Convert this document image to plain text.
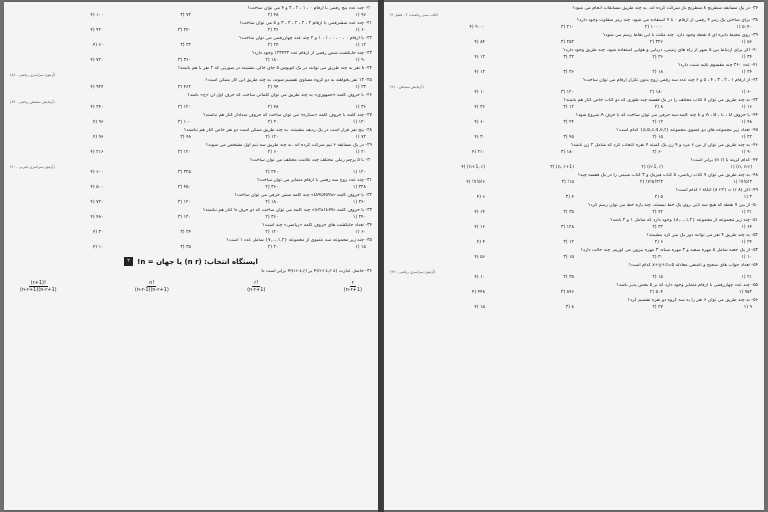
۲۰- چند عدد پنج رقمی با ارقام ۰ ، ۱ ، ۲ ، ۳ و ۴ می توان ساخت؟
۹۶ (۱
۴۸ (۲
۷۲ (۳
۱۰۰ (۴
۲۱- چند عدد ششرقمی با ارقام ۲ ، ۲ ، ۲ ، ۳ ، ۳ و ۵ می توان ساخت؟
۶۰ (۱
۳۶ (۲
۲۴۰ (۳
۴۲۰ (۴
۲۲- با ارقام ۰ ، ۰ ، ۰ ، ۱ ، ۱ و ۲ چند عدد چهاررقمی می توان ساخت؟
۱۲ (۱
۲۴ (۲
۳۲ (۳
۶۰ (۴
۲۳- چند جایگشت شش رقمی از ارقام عدد ۱۲۳۴۳۲ وجود دارد؟
۹۰ (۱
۱۸۰ (۲
۳۶۰ (۳
۷۲۰ (۴
۲۴- ۸ نفر به چند طریق می توانند در یک اتوبوس ۵ جای خالی بنشینند در صورتی که ۲ نفر با هم باشند؟
(آزمون سراسری ریاضی - ۸۸)
۲۵- ۱۲ نفر بخواهند به دو گروه مساوی تقسیم شوند، به چند طریق این کار ممکن است؟
۲۳ (۱
۹۴ (۲
۴۶۲ (۳
۹۲۴ (۴
۲۶- با حروف کلمه «جمهوری» به چند طریق می توان کلماتی ساخت که حرف اول آن «ج» باشد؟
(آزمایش سنجش ریاضی - ۸۹)
۳۶ (۱
۴۸ (۲
۱۲۰ (۳
۲۴۰ (۴
۲۷- چند کلمه با حروف کلمه «ستاره» می توان ساخت که حروف صدادار کنار هم نباشند؟
۱۲۰ (۱
۲۰ (۲
۱۰۰ (۳
۹۶ (۴
۲۸- پنج نفر قرار است در یک ردیف بنشینند. به چند طریق ممکن است دو نفر خاص کنار هم نباشند؟
۷۲ (۱
۱۲۰ (۲
۴۸ (۳
۹۶ (۴
۲۹- در یک مسابقه ۶ تیم شرکت کرده اند. به چند طریق سه تیم اول مشخص می شوند؟
۲۰ (۱
۶۰ (۲
۱۲۰ (۳
۲۱۶ (۴
۳۰- با ۵ پرچم رنگی مختلف چند علامت مختلف می توان ساخت؟
(آزمون سراسری تجربی - ۹۰)
۱۲۰ (۱
۲۴۰ (۲
۳۲۵ (۳
۶۰۰ (۴
۳۱- چند عدد زوج سه رقمی با ارقام متمایز می توان ساخت؟
۳۲۸ (۱
۳۶۰ (۲
۴۵۰ (۳
۵۰۰ (۴
۳۲- با حروف کلمه «DADRAS» چند کلمه شش حرفی می توان ساخت؟
۳۶۰ (۱
۱۸۰ (۲
۱۲۰ (۳
۷۲۰ (۴
۳۳- با حروف کلمه «SYSTEM» چند کلمه می توان ساخت که دو حرف S کنار هم نباشند؟
۲۴۰ (۱
۳۶۰ (۲
۱۲۰ (۳
۴۸۰ (۴
۳۴- تعداد جایگشت های حروف کلمه «ریاضی» چند است؟
۶۰ (۱
۱۲۰ (۲
۲۴ (۳
۳۰ (۴
۳۵- چند زیر مجموعه سه عضوی از مجموعه {۱,۲,...,۷} شامل عدد ۱ است؟
۱۵ (۱
۲۰ (۲
۳۵ (۳
۱۰ (۴
ایستگاه انتخاب: (n r) یا جهان = n!
۲
۳۶- حاصل عبارت (P(n+1,r-1 بر (P(n+1,r برابر است با:
$\frac{(r+1)!}{(n-r+1)(n-r+1)}$	$\frac{n!}{(n-r-1)(n-r+1)}$	$\frac{r!}{(n-r+1)}$	$\frac{r}{(n-r+1)}$
۳۷- در یک مسابقه شطرنج ۸ شطرنج باز شرکت کرده اند. به چند طریق مسابقات انجام می شود؟
(کتاب سبز ریاضیات ۲ - فصل ۲)
۳۸- برای ساختن یک رمز ۴ رقمی از ارقام ۰ تا ۹ استفاده می شود. چند رمز متفاوت وجود دارد؟
۵۰۴۰ (۱
۱۰۰۰۰ (۲
۲۱۰ (۳
۹۰۰۰ (۴
۳۹- روی محیط دایره ای ۸ نقطه وجود دارد. چند مثلث با این نقاط رسم می شود؟
۵۶ (۱
۳۲۶ (۲
۲۵۲ (۳
۸۴ (۴
۴۰- اگر برای ارتباط بین ۵ شهر از راه های زمینی، دریایی و هوایی استفاده شود، چند طریق وجود دارد؟
۳۴ (۱
۳۶ (۲
۳۲ (۳
۱۲ (۴
۴۱- عدد ۳۶۰ چند مقسوم علیه مثبت دارد؟
۲۴ (۱
۱۸ (۲
۳۶ (۳
۱۲ (۴
۴۲- از ارقام ۱ ، ۲ ، ۳ ، ۴ ، ۵ و ۶ چند عدد سه رقمی زوج بدون تکرار ارقام می توان ساخت؟
(آزمایش سنجش - ۹۱)
۶۰ (۱
۱۸۰ (۲
۱۲۰ (۳
۱۰ (۴
۴۳- به چند طریق می توان ۸ کتاب مختلف را در یک قفسه چید طوری که دو کتاب خاص کنار هم باشند؟
۱۶ (۱
۸ (۲
۱۲ (۳
۳۶ (۴
۴۴- با حروف A ، B ، C ، D و E چند کلمه سه حرفی می توان ساخت که با حرف A شروع شود؟
۴۸ (۱
۱۲ (۲
۲۴ (۳
۶۰ (۴
۴۵- تعداد زیر مجموعه های دو عضوی مجموعه {a,b,c,d,e,f} کدام است؟
۲۲ (۱
۱۵ (۲
۴۵ (۳
۳۰ (۴
۴۶- به چند طریق می توان از بین ۶ مرد و ۴ زن یک کمیته ۴ نفره انتخاب کرد که شامل ۲ زن باشد؟
۹۰ (۱
۶۰ (۲
۱۸۰ (۳
۲۱۰ (۴
۴۷- کدام گزینه با (n r) برابر است؟
(n, n-r) (۱
(n-1, r) (۲
(n, r+1) (۳
(n+1, r) (۴
۴۸- به چند طریق می توان ۷ کتاب ریاضی، ۵ کتاب فیزیک و ۳ کتاب شیمی را در یک قفسه چید؟
۳!۵!۷! (۱
۳!۳!۵!۷! (۲
۱۵! (۳
۶!۵!۷! (۴
۴۹- اگر (۸ r) = (۸ r-۲) آنگاه r کدام است؟
۳ (۱
۵ (۲
۴ (۳
۶ (۴
۵۰- از بین ۷ نقطه که هیچ سه تایی روی یک خط نیستند، چند پاره خط می توان رسم کرد؟
۲۱ (۱
۴۲ (۲
۳۵ (۳
۱۴ (۴
۵۱- چند زیر مجموعه از مجموعه {۱,۲,...,۸} وجود دارد که شامل ۱ و ۲ باشد؟
۶۴ (۱
۳۲ (۲
۱۲۸ (۳
۱۶ (۴
۵۲- به چند طریق ۴ نفر می توانند دور یک میز گرد بنشینند؟
۲۴ (۱
۶ (۲
۱۲ (۳
۴ (۴
۵۳- از یک جعبه شامل ۵ مهره سفید و ۳ مهره سیاه، ۳ مهره بیرون می آوریم. چند حالت دارد؟
۱۰ (۱
۳۰ (۲
۱۵ (۳
۵۶ (۴
۵۴- تعداد جواب های صحیح و نامنفی معادله x+y+z=۵ کدام است؟
(آزمون سراسری ریاضی - ۹۳)
۲۱ (۱
۱۵ (۲
۳۵ (۳
۱۰ (۴
۵۵- چند عدد چهاررقمی با ارقام متمایز وجود دارد که بر ۵ بخش پذیر باشد؟
۹۵۲ (۱
۵۰۴ (۲
۸۹۶ (۳
۴۴۸ (۴
۵۶- به چند طریق می توان ۶ نفر را به سه گروه دو نفره تقسیم کرد؟
۹ (۱
۲۷ (۲
۸ (۳
۱۵ (۴
